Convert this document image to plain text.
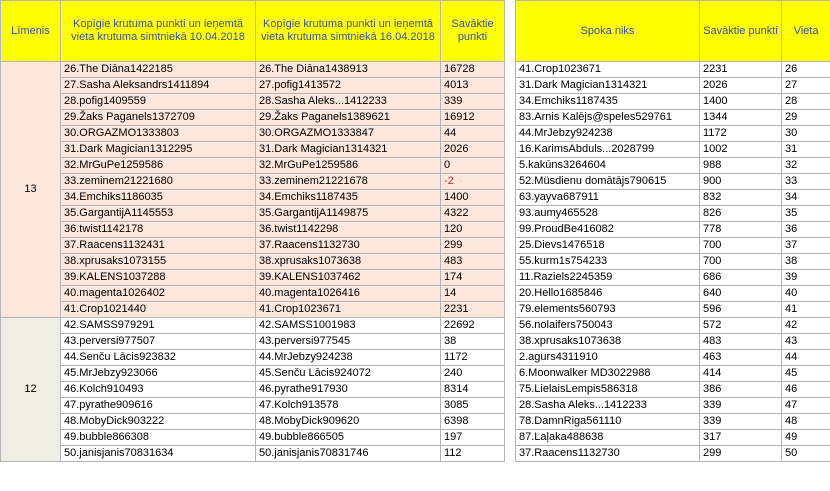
Līmenis	Kopīgie krutuma punkti un ieņemtā vieta krutuma simtniekā 10.04.2018	Kopīgie krutuma punkti un ieņemtā vieta krutuma simtniekā 16.04.2018	Savāktie punkti
13	26.The Diāna1422185	26.The Diāna1438913	16728
	27.Sasha Aleksandrs1411894	27.pofig1413572	4013
	28.pofig1409559	28.Sasha Aleks...1412233	339
	29.Žaks Paganels1372709	29.Žaks Paganels1389621	16912
	30.ORGAZMO1333803	30.ORGAZMO1333847	44
	31.Dark Magician1312295	31.Dark Magician1314321	2026
	32.MrGuPe1259586	32.MrGuPe1259586	0
	33.zeminem21221680	33.zeminem21221678	-2
	34.Emchiks1186035	34.Emchiks1187435	1400
	35.GargantijA1145553	35.GargantijA1149875	4322
	36.twist1142178	36.twist1142298	120
	37.Raacens1132431	37.Raacens1132730	299
	38.xprusaks1073155	38.xprusaks1073638	483
	39.KALENS1037288	39.KALENS1037462	174
	40.magenta1026402	40.magenta1026416	14
	41.Crop1021440	41.Crop1023671	2231
12	42.SAMSS979291	42.SAMSS1001983	22692
	43.perversi977507	43.perversi977545	38
	44.Senču Lācis923832	44.MrJebzy924238	1172
	45.MrJebzy923066	45.Senču Lācis924072	240
	46.Kolch910493	46.pyrathe917930	8314
	47.pyrathe909616	47.Kolch913578	3085
	48.MobyDick903222	48.MobyDick909620	6398
	49.bubble866308	49.bubble866505	197
	50.janisjanis70831634	50.janisjanis70831746	112
Spoka niks	Savāktie punkti	Vieta
41.Crop1023671	2231	26
31.Dark Magician1314321	2026	27
34.Emchiks1187435	1400	28
83.Arnis Kalējs@speles529761	1344	29
44.MrJebzy924238	1172	30
16.KarimsAbduls...2028799	1002	31
5.kakūns3264604	988	32
52.Müsdienu domātājs790615	900	33
63.yayva687911	832	34
93.aumy465528	826	35
99.ProudBe416082	778	36
25.Dievs1476518	700	37
55.kurm1s754233	700	38
11.Raziels2245359	686	39
20.Hello1685846	640	40
79.elements560793	596	41
56.nolaifers750043	572	42
38.xprusaks1073638	483	43
2.agurs4311910	463	44
6.Moonwalker MD3022988	414	45
75.LielaisLempis586318	386	46
28.Sasha Aleks...1412233	339	47
78.DamnRiga561110	339	48
87.Laļaka488638	317	49
37.Raacens1132730	299	50
